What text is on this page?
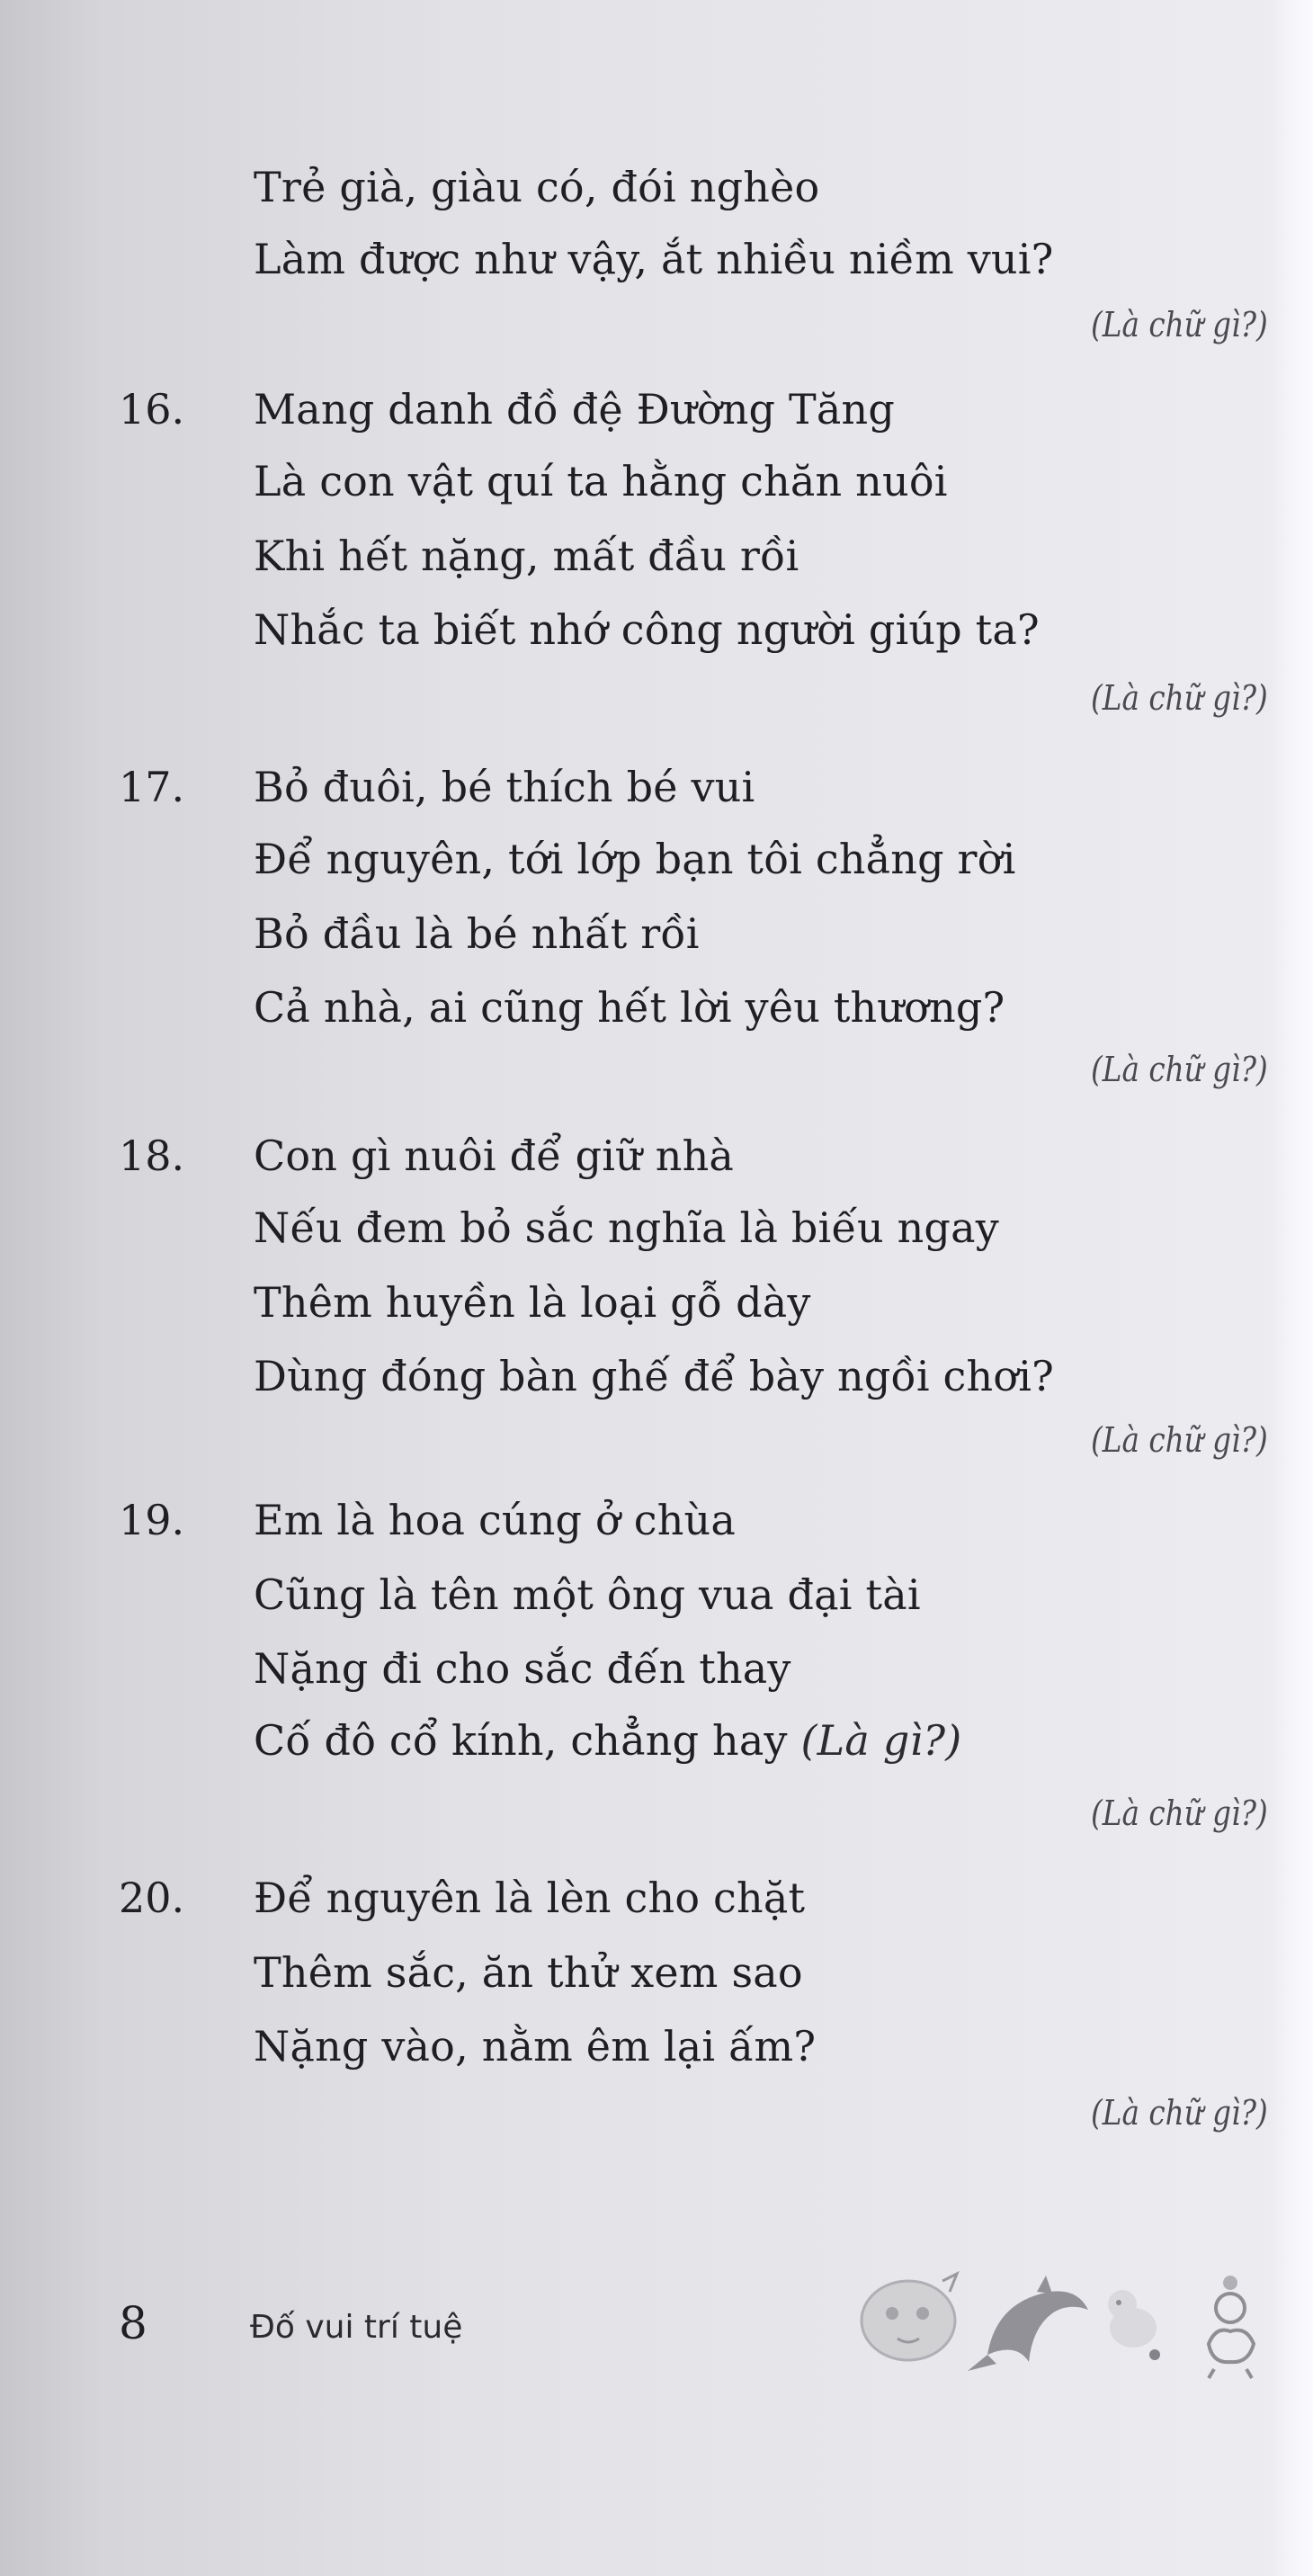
Trẻ già, giàu có, đói nghèo
Làm được như vậy, ắt nhiều niềm vui?
(Là chữ gì?)
16. Mang danh đồ đệ Đường Tăng
Là con vật quí ta hằng chăn nuôi
Khi hết nặng, mất đầu rồi
Nhắc ta biết nhớ công người giúp ta?
(Là chữ gì?)
17. Bỏ đuôi, bé thích bé vui
Để nguyên, tới lớp bạn tôi chẳng rời
Bỏ đầu là bé nhất rồi
Cả nhà, ai cũng hết lời yêu thương?
(Là chữ gì?)
18. Con gì nuôi để giữ nhà
Nếu đem bỏ sắc nghĩa là biếu ngay
Thêm huyền là loại gỗ dày
Dùng đóng bàn ghế để bày ngồi chơi?
(Là chữ gì?)
19. Em là hoa cúng ở chùa
Cũng là tên một ông vua đại tài
Nặng đi cho sắc đến thay
Cố đô cổ kính, chẳng hay (Là gì?)
(Là chữ gì?)
20. Để nguyên là lèn cho chặt
Thêm sắc, ăn thử xem sao
Nặng vào, nằm êm lại ấm?
(Là chữ gì?)
8	Đố vui trí tuệ
